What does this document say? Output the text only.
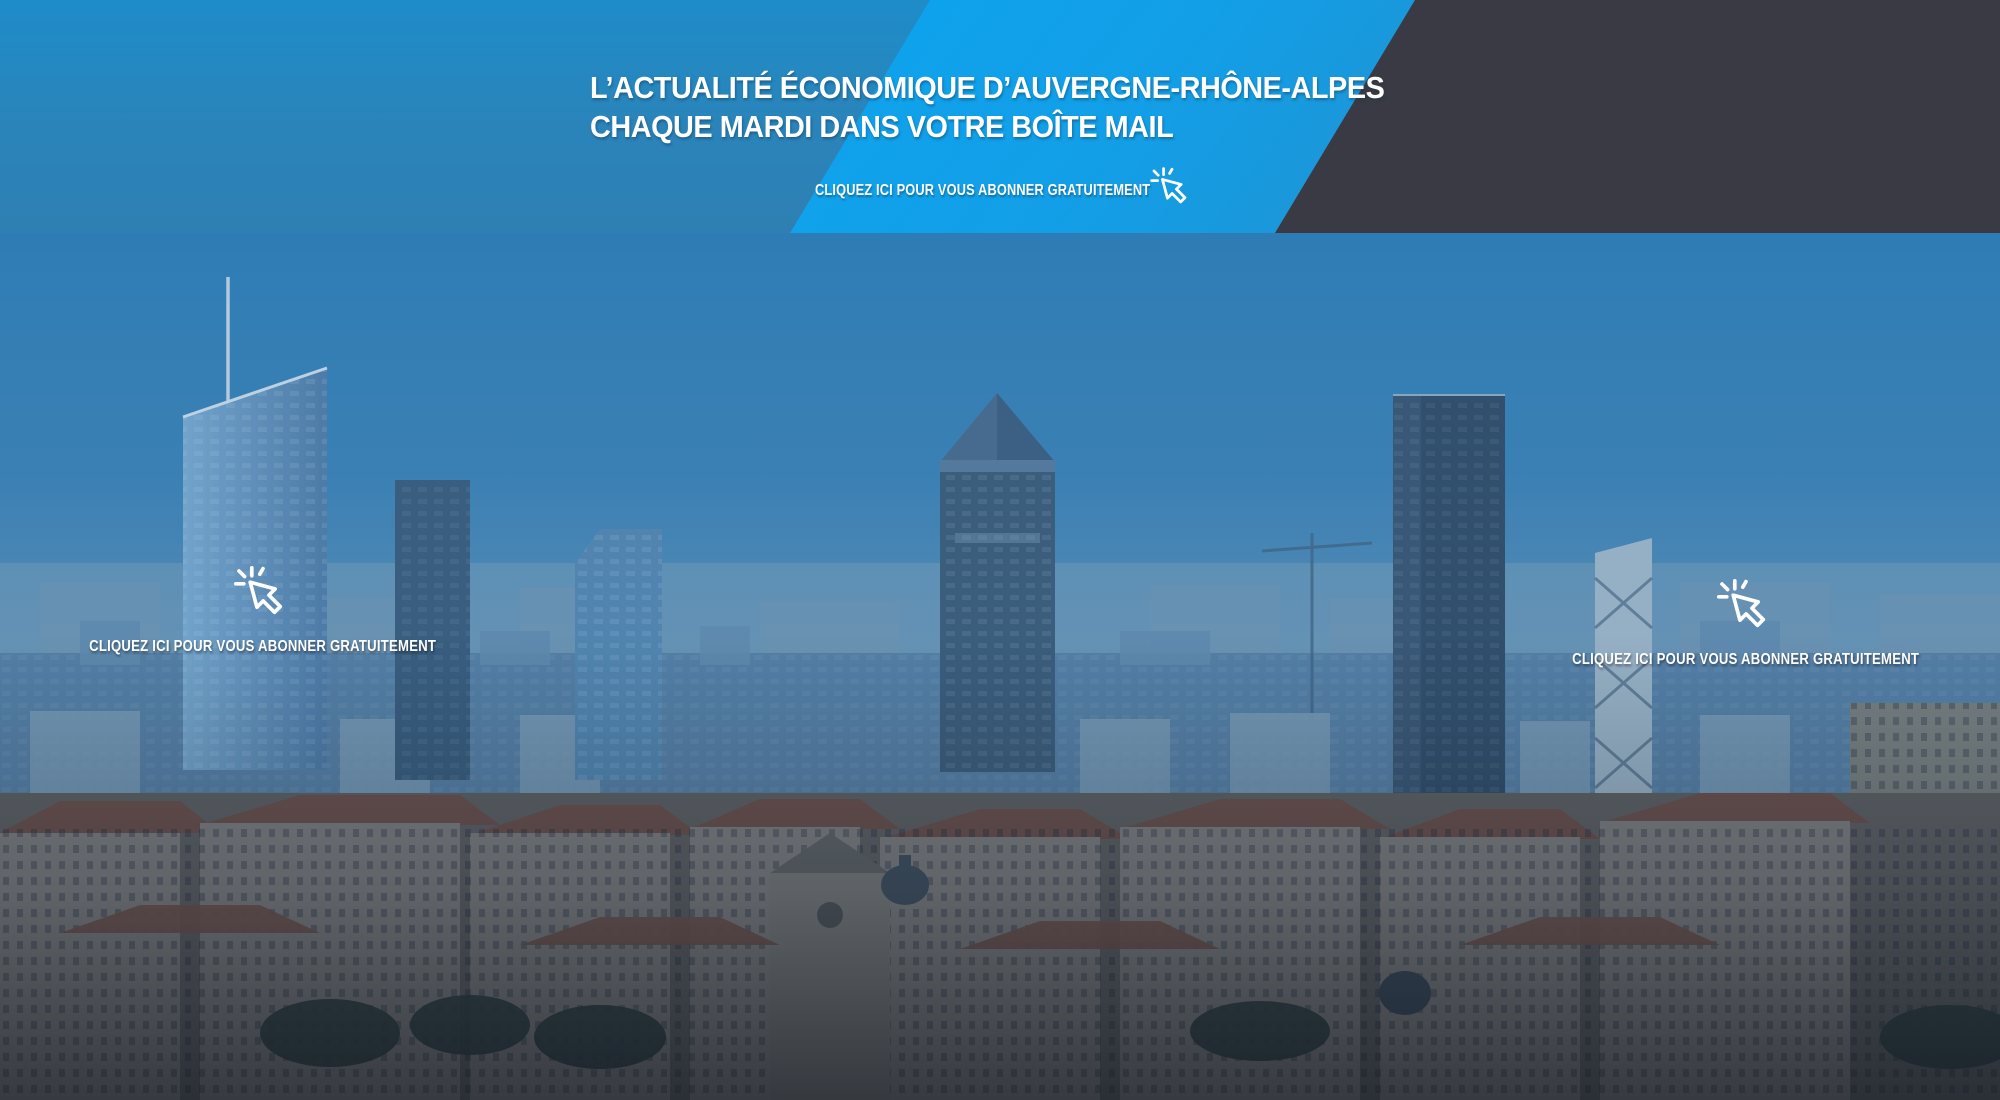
L’ACTUALITÉ ÉCONOMIQUE D’AUVERGNE-RHÔNE-ALPES
CHAQUE MARDI DANS VOTRE BOÎTE MAIL
CLIQUEZ ICI POUR VOUS ABONNER GRATUITEMENT
CLIQUEZ ICI POUR VOUS ABONNER GRATUITEMENT
CLIQUEZ ICI POUR VOUS ABONNER GRATUITEMENT
